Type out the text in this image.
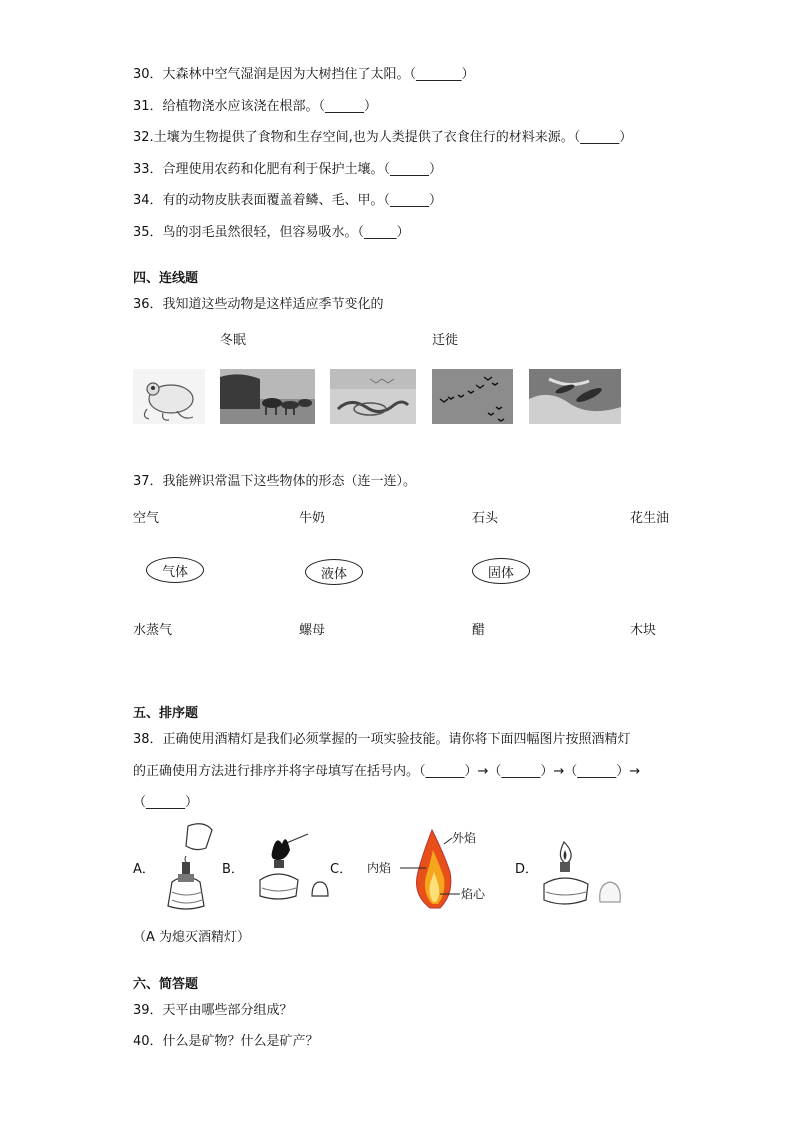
30．大森林中空气湿润是因为大树挡住了太阳。（_______）
31．给植物浇水应该浇在根部。（______）
32.土壤为生物提供了食物和生存空间,也为人类提供了衣食住行的材料来源。（______）
33．合理使用农药和化肥有利于保护土壤。（______）
34．有的动物皮肤表面覆盖着鳞、毛、甲。（______）
35．鸟的羽毛虽然很轻，但容易吸水。（_____）
四、连线题
36．我知道这些动物是这样适应季节变化的
冬眠	迁徙
37．我能辨识常温下这些物体的形态（连一连）。
空气	牛奶	石头	花生油
气体	液体	固体
水蒸气	螺母	醋	木块
五、排序题
38．正确使用酒精灯是我们必须掌握的一项实验技能。请你将下面四幅图片按照酒精灯
的正确使用方法进行排序并将字母填写在括号内。（______）→（______）→（______）→
（______）
A．	B．	C．	D．
外焰
内焰
焰心
（A 为熄灭酒精灯）
六、简答题
39．天平由哪些部分组成？
40．什么是矿物？什么是矿产？
